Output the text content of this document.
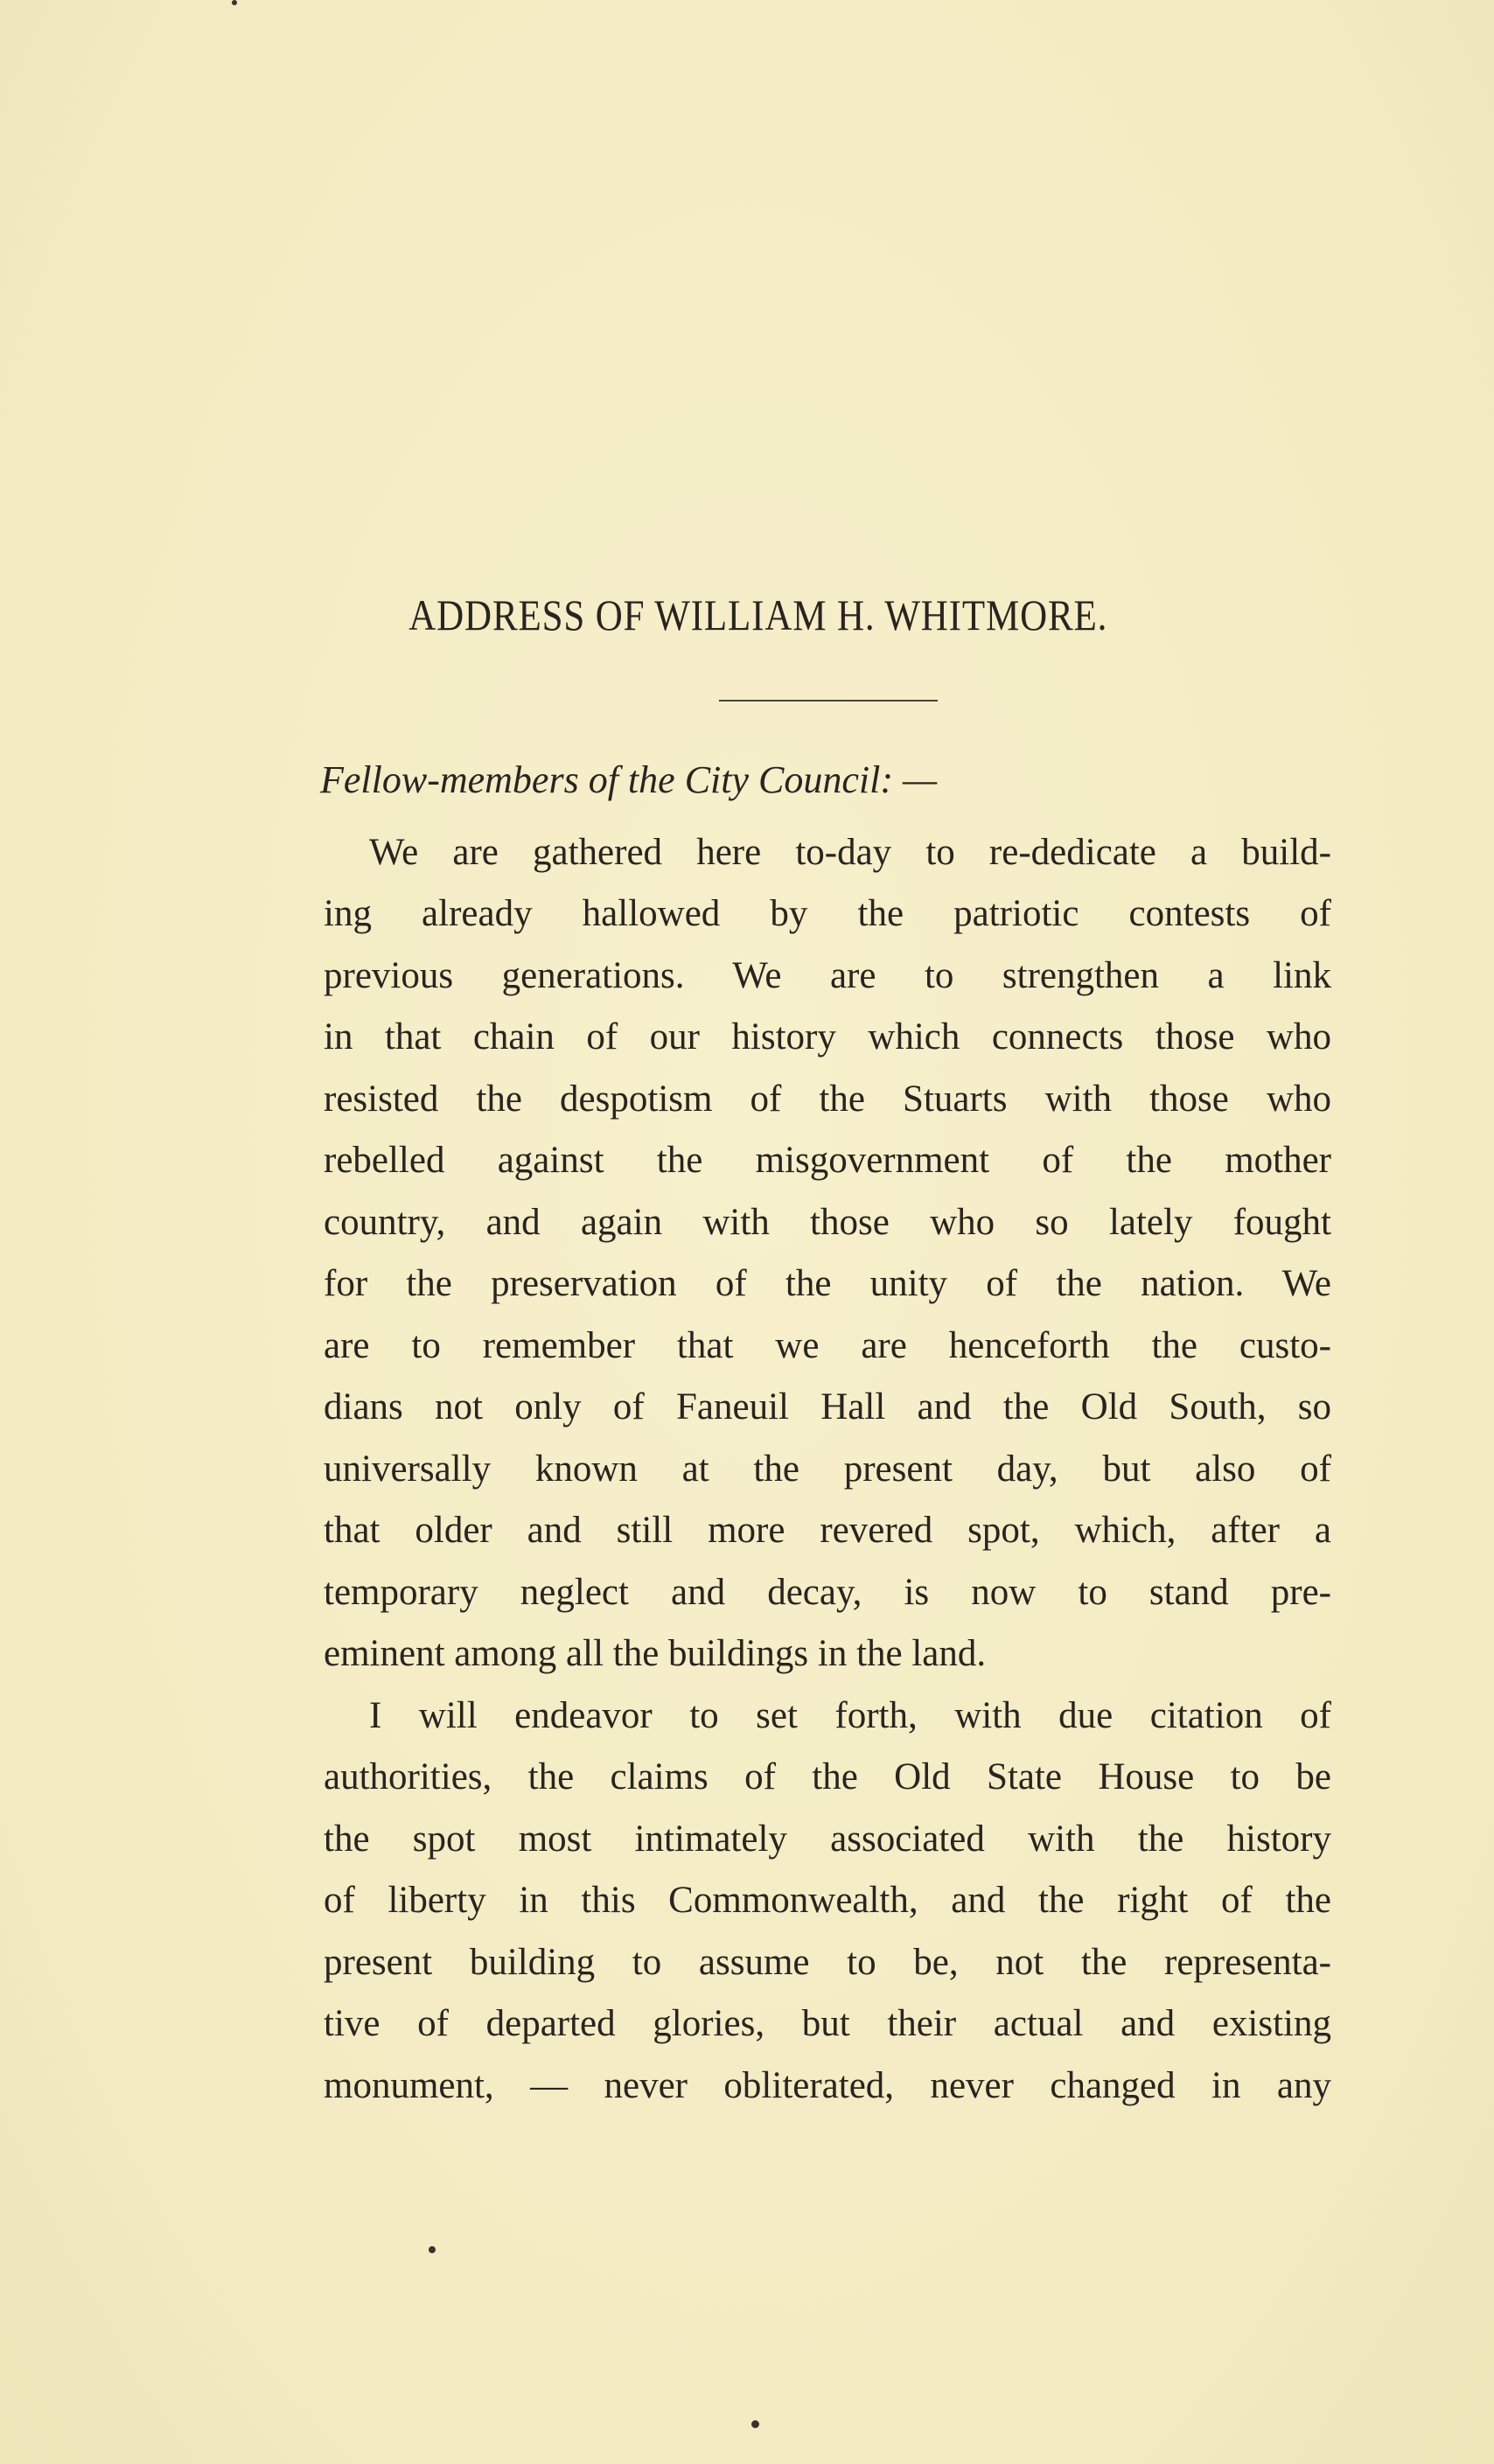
ADDRESS OF WILLIAM H. WHITMORE.

Fellow-members of the City Council: —

We are gathered here to-day to re-dedicate a build-

ing already hallowed by the patriotic contests of

previous generations. We are to strengthen a link

in that chain of our history which connects those who

resisted the despotism of the Stuarts with those who

rebelled against the misgovernment of the mother

country, and again with those who so lately fought

for the preservation of the unity of the nation. We

are to remember that we are henceforth the custo-

dians not only of Faneuil Hall and the Old South, so

universally known at the present day, but also of

that older and still more revered spot, which, after a

temporary neglect and decay, is now to stand pre-

eminent among all the buildings in the land.

I will endeavor to set forth, with due citation of

authorities, the claims of the Old State House to be

the spot most intimately associated with the history

of liberty in this Commonwealth, and the right of the

present building to assume to be, not the representa-

tive of departed glories, but their actual and existing

monument, — never obliterated, never changed in any
